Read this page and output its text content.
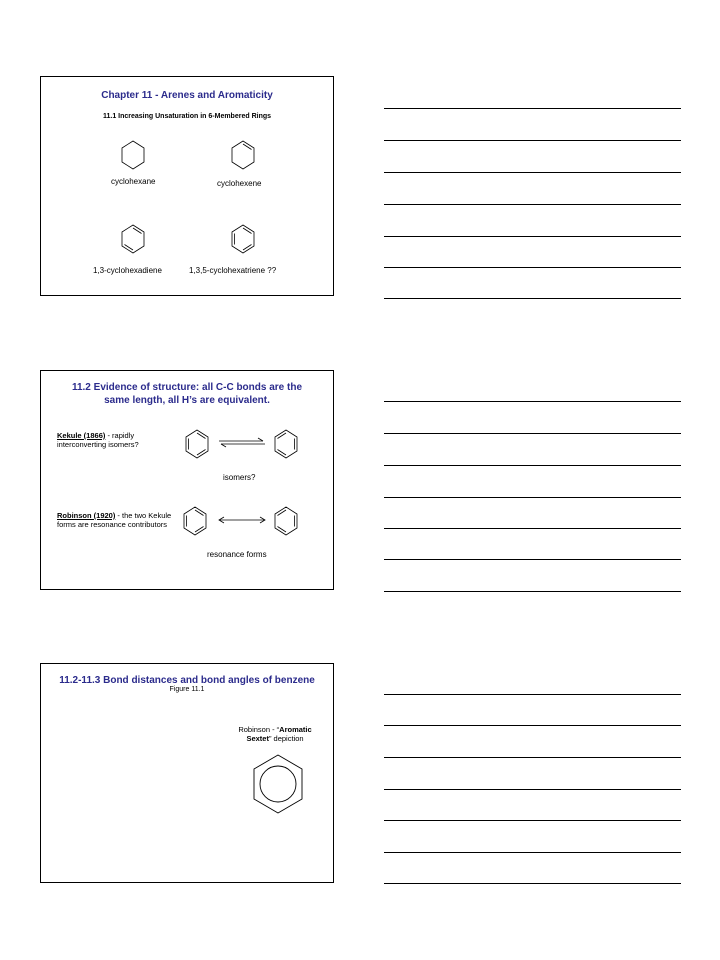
Chapter 11 - Arenes and Aromaticity
11.1 Increasing Unsaturation in 6-Membered Rings
cyclohexane	cyclohexene
1,3-cyclohexadiene	1,3,5-cyclohexatriene ??
11.2 Evidence of structure: all C-C bonds are the same length, all H’s are equivalent.
Kekule (1866) - rapidly interconverting isomers?
isomers?
Robinson (1920) - the two Kekule forms are resonance contributors
resonance forms
11.2-11.3 Bond distances and bond angles of benzene
Figure 11.1
Robinson - “Aromatic Sextet” depiction
